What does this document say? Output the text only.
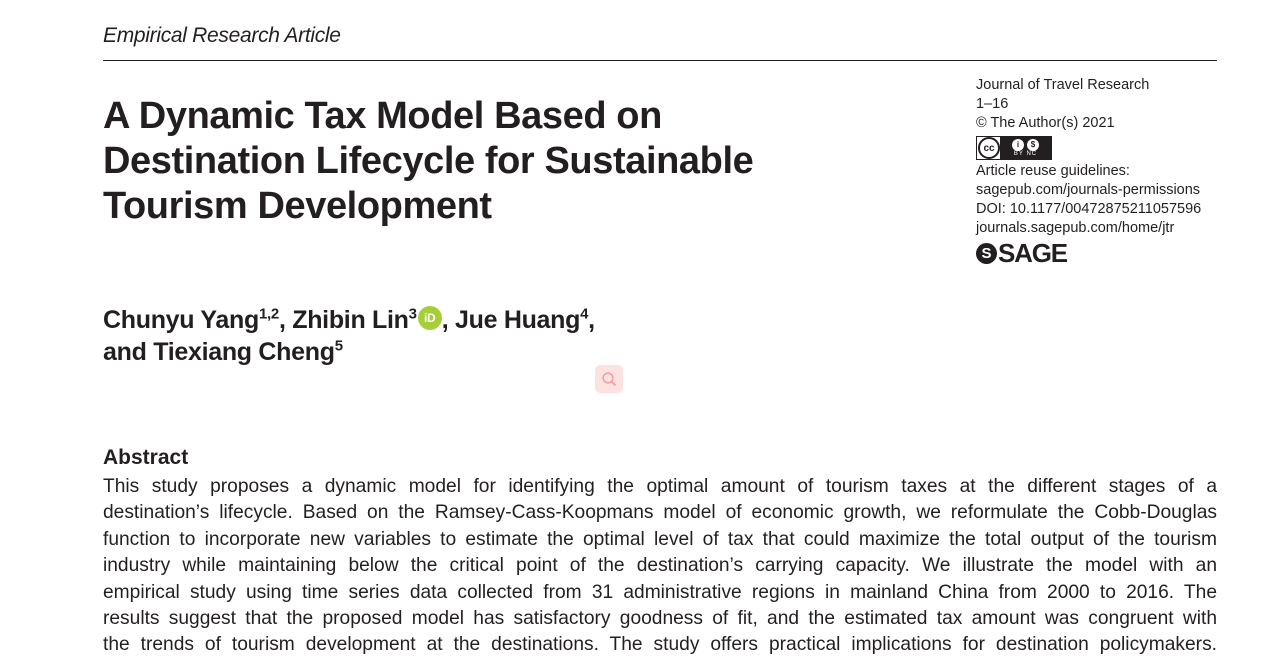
Empirical Research Article
A Dynamic Tax Model Based on
Destination Lifecycle for Sustainable
Tourism Development
Journal of Travel Research
1–16
© The Author(s) 2021
cc	i	$
BY NC
Article reuse guidelines:
sagepub.com/journals-permissions
DOI: 10.1177/00472875211057596
journals.sagepub.com/home/jtr
S SAGE
Chunyu Yang$^{1,2}$, Zhibin Lin$^3$ iD , Jue Huang$^4$,
and Tiexiang Cheng$^5$
Abstract
This study proposes a dynamic model for identifying the optimal amount of tourism taxes at the different stages of a
destination’s lifecycle. Based on the Ramsey-Cass-Koopmans model of economic growth, we reformulate the Cobb-Douglas
function to incorporate new variables to estimate the optimal level of tax that could maximize the total output of the tourism
industry while maintaining below the critical point of the destination’s carrying capacity. We illustrate the model with an
empirical study using time series data collected from 31 administrative regions in mainland China from 2000 to 2016. The
results suggest that the proposed model has satisfactory goodness of fit, and the estimated tax amount was congruent with
the trends of tourism development at the destinations. The study offers practical implications for destination policymakers.
